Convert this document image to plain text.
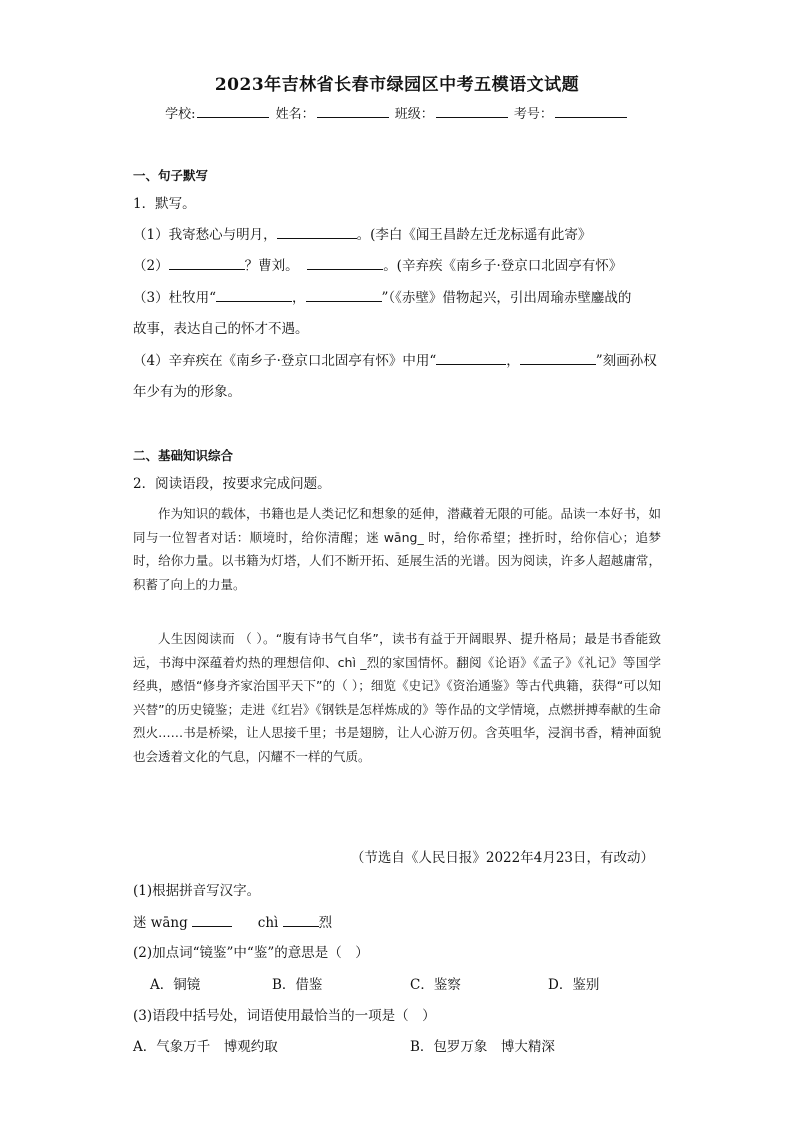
2023年吉林省长春市绿园区中考五模语文试题
学校:	姓名：	班级：	考号：
一、句子默写
1．默写。
（1）我寄愁心与明月，	。(李白《闻王昌龄左迁龙标遥有此寄》
（2）	？曹刘。	。(辛弃疾《南乡子·登京口北固亭有怀》
（3）杜牧用“	，	”（《赤壁》借物起兴，引出周瑜赤壁鏖战的
故事，表达自己的怀才不遇。
（4）辛弃疾在《南乡子·登京口北固亭有怀》中用“	，	”刻画孙权
年少有为的形象。
二、基础知识综合
2．阅读语段，按要求完成问题。
作为知识的载体，书籍也是人类记忆和想象的延伸，潜藏着无限的可能。品读一本好书，如同与一位智者对话：顺境时，给你清醒；迷 wāng_ 时，给你希望；挫折时，给你信心；追梦时，给你力量。以书籍为灯塔，人们不断开拓、延展生活的光谱。因为阅读，许多人超越庸常，积蓄了向上的力量。
人生因阅读而 （ ）。“腹有诗书气自华”，读书有益于开阔眼界、提升格局；最是书香能致远，书海中深蕴着灼热的理想信仰、chì _烈的家国情怀。翻阅《论语》《孟子》《礼记》等国学经典，感悟“修身齐家治国平天下”的（ ）；细览《史记》《资治通鉴》等古代典籍，获得“可以知兴替”的历史镜鉴；走进《红岩》《钢铁是怎样炼成的》等作品的文学情境，点燃拼搏奉献的生命烈火……书是桥梁，让人思接千里；书是翅膀，让人心游万仞。含英咀华，浸润书香，精神面貌也会透着文化的气息，闪耀不一样的气质。
（节选自《人民日报》2022年4月23日，有改动）
(1)根据拼音写汉字。
迷 wāng	chì	烈
(2)加点词“镜鉴”中“鉴”的意思是（　）
A．铜镜	B．借鉴	C．鉴察	D．鉴别
(3)语段中括号处，词语使用最恰当的一项是（　）
A．气象万千　博观约取	B．包罗万象　博大精深
